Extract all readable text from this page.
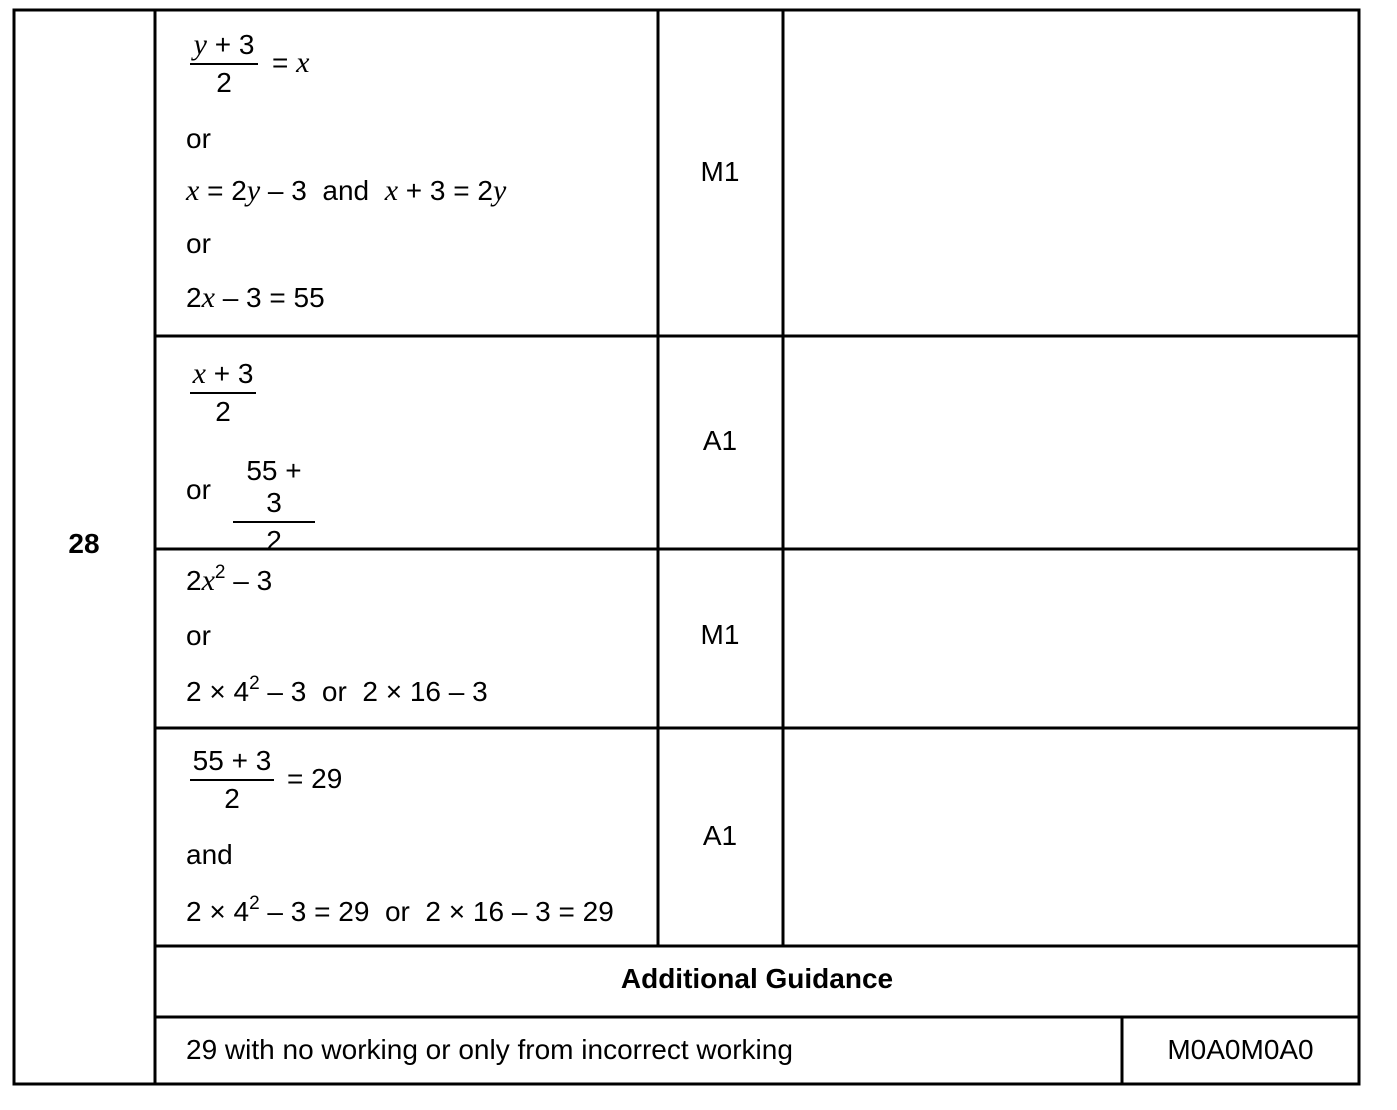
28
y + 3
2
= x
or
x = 2y – 3  and  x + 3 = 2y
or
2x – 3 = 55
M1
x + 3
2
or
55 + 3
2
A1
$2x^2 - 3$
or
$2 \times 4^2 - 3$  or  2 × 16 – 3
M1
55 + 3
2
= 29
and
$2 \times 4^2 - 3 = 29$  or  2 × 16 – 3 = 29
A1
Additional Guidance
29 with no working or only from incorrect working	M0A0M0A0
